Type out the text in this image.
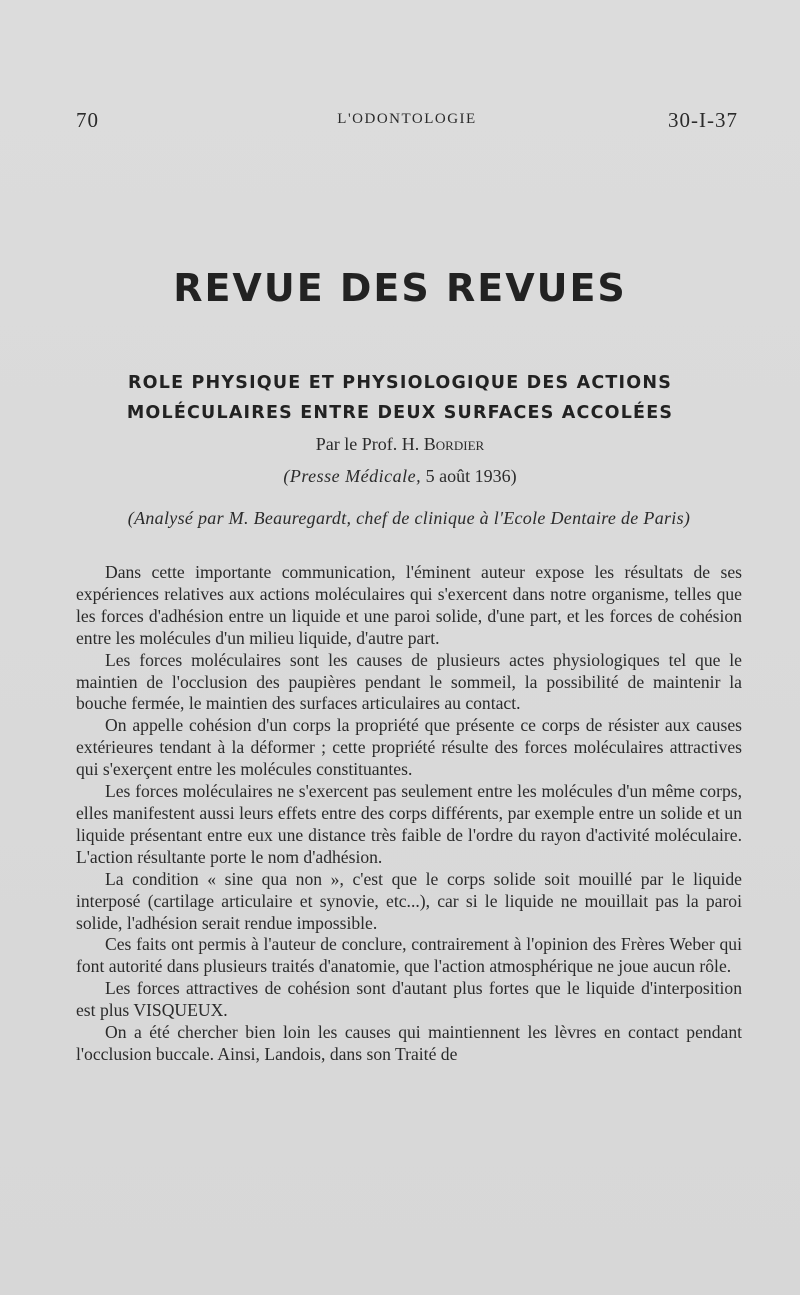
70	L'ODONTOLOGIE	30-I-37
REVUE DES REVUES
ROLE PHYSIQUE ET PHYSIOLOGIQUE DES ACTIONS
MOLÉCULAIRES ENTRE DEUX SURFACES ACCOLÉES
Par le Prof. H. Bordier
(Presse Médicale, 5 août 1936)
(Analysé par M. Beauregardt, chef de clinique à l'Ecole Dentaire de Paris)

Dans cette importante communication, l'éminent auteur expose les résultats de ses expériences relatives aux actions moléculaires qui s'exercent dans notre organisme, telles que les forces d'adhésion entre un liquide et une paroi solide, d'une part, et les forces de cohésion entre les molécules d'un milieu liquide, d'autre part.

Les forces moléculaires sont les causes de plusieurs actes physiologiques tel que le maintien de l'occlusion des paupières pendant le sommeil, la possibilité de maintenir la bouche fermée, le maintien des surfaces articulaires au contact.

On appelle cohésion d'un corps la propriété que présente ce corps de résister aux causes extérieures tendant à la déformer ; cette propriété résulte des forces moléculaires attractives qui s'exerçent entre les molécules constituantes.

Les forces moléculaires ne s'exercent pas seulement entre les molécules d'un même corps, elles manifestent aussi leurs effets entre des corps différents, par exemple entre un solide et un liquide présentant entre eux une distance très faible de l'ordre du rayon d'activité moléculaire. L'action résultante porte le nom d'adhésion.

La condition « sine qua non », c'est que le corps solide soit mouillé par le liquide interposé (cartilage articulaire et synovie, etc...), car si le liquide ne mouillait pas la paroi solide, l'adhésion serait rendue impossible.

Ces faits ont permis à l'auteur de conclure, contrairement à l'opinion des Frères Weber qui font autorité dans plusieurs traités d'anatomie, que l'action atmosphérique ne joue aucun rôle.

Les forces attractives de cohésion sont d'autant plus fortes que le liquide d'interposition est plus VISQUEUX.

On a été chercher bien loin les causes qui maintiennent les lèvres en contact pendant l'occlusion buccale. Ainsi, Landois, dans son Traité de
